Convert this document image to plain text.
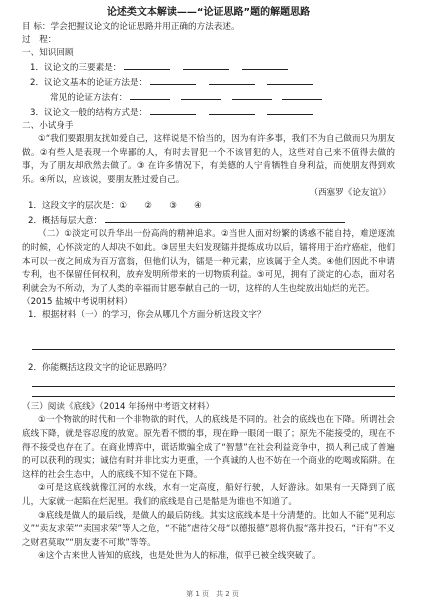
论述类文本解读——“论证思路”题的解题思路
目 标：学会把握议论文的论证思路并用正确的方法表述。
过　程：
一、知识回顾
1．议论文的三要素是：
2．议论文基本的论证方法是：
常见的论证方法有：
3．议论文一般的结构方式是：
二、小试身手
①“我们要跟朋友扰如爱自己，这样说是不恰当的，因为有许多事，我们不为自己做而只为朋友做。②有些人是表现一个卑鄙的人，有时去冒犯一个不该冒犯的人，这些对自己来不值得去做的事，为了朋友却欣然去做了。③ 在许多情况下，有美德的人宁肯牺牲自身利益，而使朋友得到欢乐。④所以，应该说，要朋友胜过爱自己。
（西塞罗《论友谊》）
1．这段文字的层次是：①　　②　　③　　④
2．概括每层大意：
（二）①淡定可以升华出一份高尚的精神追求。②当世人面对纷繁的诱惑不能自持，难逆逐流的时候，心怀淡定的人却决不如此。③居里夫妇发现镭并提炼成功以后，镭将用于治疗癌症，他们本可以一夜之间成为百万富翁，但他们认为，镭是一种元素，应该属于全人类。④他们因此不申请专利，也不保留任何权利，放弃发明所带来的一切物质利益。⑤可见，拥有了淡定的心态，面对名利就会为不所动，为了人类的幸福而甘愿奉献自己的一切，这样的人生也绽放出灿烂的光芒。
（2015 盐城中考说明材料）
1．根据材料（一）的学习，你会从哪几个方面分析这段文字？
2．你能概括这段文字的论证思路吗？
（三）阅读《底线》（2014 年扬州中考语文材料）
①一个物欲的时代和一个非物欲的时代，人的底线是不同的。社会的底线也在下降。所谓社会底线下降，就是容忍度的放宽。原先看不惯的事，现在睁一眼闭一眼了；原先不能接受的，现在不得不接受也存在了。在商业博弈中，谎话欺骗全成了“智慧”在社会利益竞争中，损人利己成了普遍的可以获利的现实；诚信有时并非比实力更重，一个真诚的人也不妨在一个商业的吃喝或陷阱。在这样的社会生态中，人的底线不知不觉在下降。
②可是这底线就像江河的水线，水有一定高度，船好行驶，人好游泳。如果有一天降到了底儿，大家就一起陷在烂泥里。我们的底线是自己是骷是为谁也不知道了。
③底线是做人的最后线，是做人的最后防线。其实这底线本是十分清楚的。比如人不能“见利忘义”“卖友求荣”“卖国求荣”等人之危，“不能”虐待父母“以德报德”恩将仇报“落井投石，“讦有”不义之财君莫取”“朋友妻不可欺”等等。
④这个古来世人皆知的底线，也是处世为人的标准，似乎已被全线突破了。
第 1 页　共 2 页
